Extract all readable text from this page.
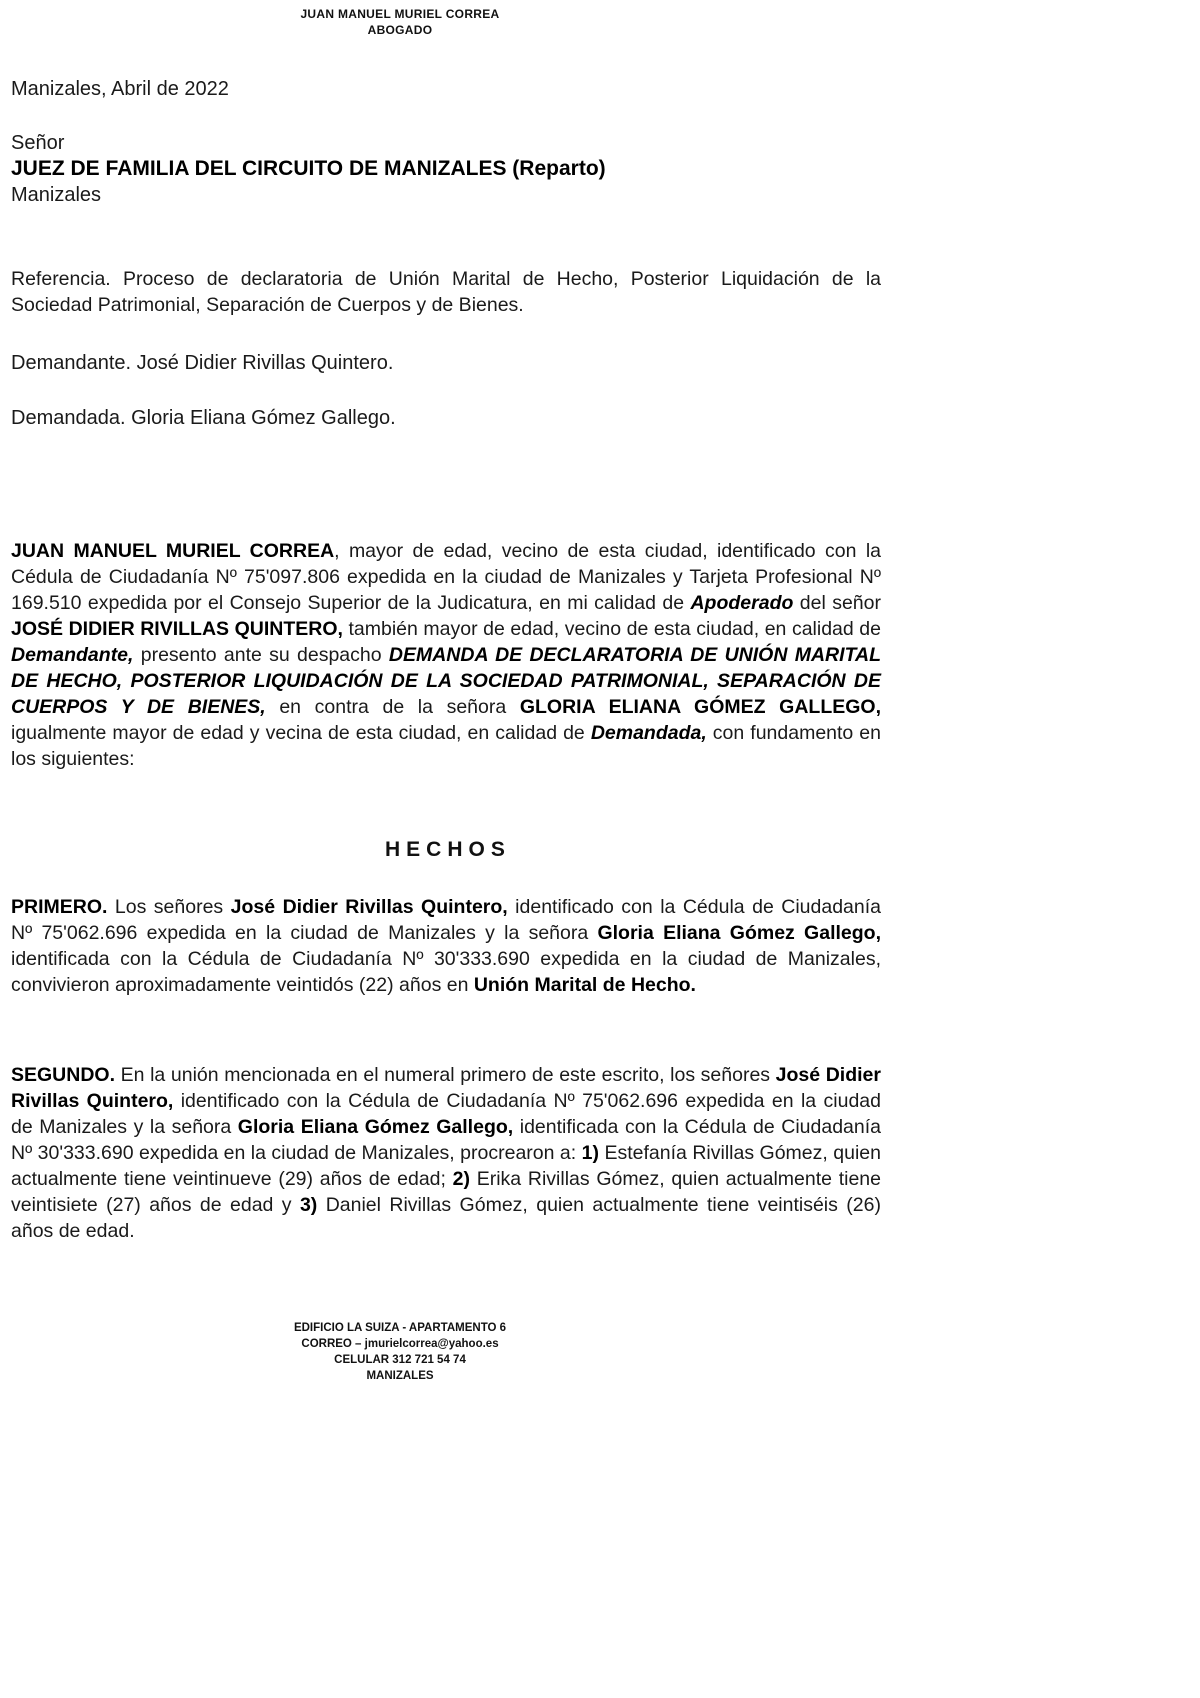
JUAN MANUEL MURIEL CORREA
ABOGADO
Manizales, Abril de 2022
Señor
JUEZ DE FAMILIA DEL CIRCUITO DE MANIZALES (Reparto)
Manizales
Referencia. Proceso de declaratoria de Unión Marital de Hecho, Posterior Liquidación de la Sociedad Patrimonial, Separación de Cuerpos y de Bienes.
Demandante. José Didier Rivillas Quintero.
Demandada. Gloria Eliana Gómez Gallego.
JUAN MANUEL MURIEL CORREA, mayor de edad, vecino de esta ciudad, identificado con la Cédula de Ciudadanía Nº 75'097.806 expedida en la ciudad de Manizales y Tarjeta Profesional Nº 169.510 expedida por el Consejo Superior de la Judicatura, en mi calidad de Apoderado del señor JOSÉ DIDIER RIVILLAS QUINTERO, también mayor de edad, vecino de esta ciudad, en calidad de Demandante, presento ante su despacho DEMANDA DE DECLARATORIA DE UNIÓN MARITAL DE HECHO, POSTERIOR LIQUIDACIÓN DE LA SOCIEDAD PATRIMONIAL, SEPARACIÓN DE CUERPOS Y DE BIENES, en contra de la señora GLORIA ELIANA GÓMEZ GALLEGO, igualmente mayor de edad y vecina de esta ciudad, en calidad de Demandada, con fundamento en los siguientes:
HECHOS
PRIMERO. Los señores José Didier Rivillas Quintero, identificado con la Cédula de Ciudadanía Nº 75'062.696 expedida en la ciudad de Manizales y la señora Gloria Eliana Gómez Gallego, identificada con la Cédula de Ciudadanía Nº 30'333.690 expedida en la ciudad de Manizales, convivieron aproximadamente veintidós (22) años en Unión Marital de Hecho.
SEGUNDO. En la unión mencionada en el numeral primero de este escrito, los señores José Didier Rivillas Quintero, identificado con la Cédula de Ciudadanía Nº 75'062.696 expedida en la ciudad de Manizales y la señora Gloria Eliana Gómez Gallego, identificada con la Cédula de Ciudadanía Nº 30'333.690 expedida en la ciudad de Manizales, procrearon a: 1) Estefanía Rivillas Gómez, quien actualmente tiene veintinueve (29) años de edad; 2) Erika Rivillas Gómez, quien actualmente tiene veintisiete (27) años de edad y 3) Daniel Rivillas Gómez, quien actualmente tiene veintiséis (26) años de edad.
EDIFICIO LA SUIZA - APARTAMENTO 6
CORREO – jmurielcorrea@yahoo.es
CELULAR 312 721 54 74
MANIZALES
